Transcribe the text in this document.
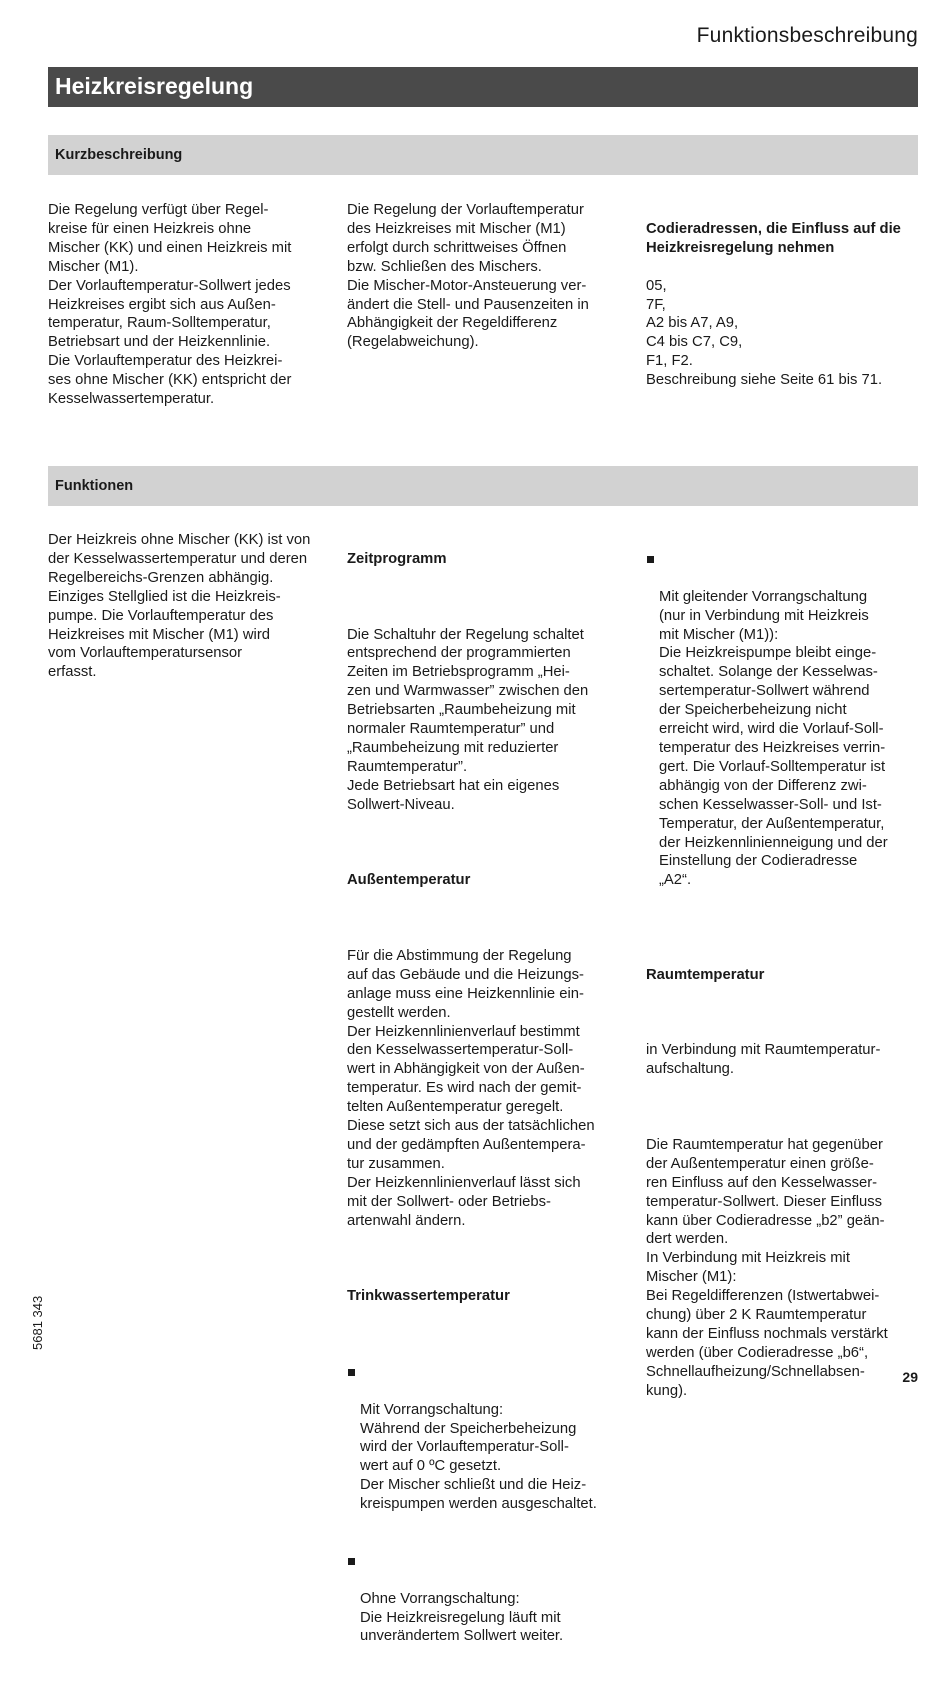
Funktionsbeschreibung
Heizkreisregelung
Kurzbeschreibung
Die Regelung verfügt über Regel-
kreise für einen Heizkreis ohne
Mischer (KK) und einen Heizkreis mit
Mischer (M1).
Der Vorlauftemperatur-Sollwert jedes
Heizkreises ergibt sich aus Außen-
temperatur, Raum-Solltemperatur,
Betriebsart und der Heizkennlinie.
Die Vorlauftemperatur des Heizkrei-
ses ohne Mischer (KK) entspricht der
Kesselwassertemperatur.
Die Regelung der Vorlauftemperatur
des Heizkreises mit Mischer (M1)
erfolgt durch schrittweises Öffnen
bzw. Schließen des Mischers.
Die Mischer-Motor-Ansteuerung ver-
ändert die Stell- und Pausenzeiten in
Abhängigkeit der Regeldifferenz
(Regelabweichung).

Codieradressen, die Einfluss auf die
Heizkreisregelung nehmen

05,
7F,
A2 bis A7, A9,
C4 bis C7, C9,
F1, F2.
Beschreibung siehe Seite 61 bis 71.

Funktionen
Der Heizkreis ohne Mischer (KK) ist von
der Kesselwassertemperatur und deren
Regelbereichs-Grenzen abhängig.
Einziges Stellglied ist die Heizkreis-
pumpe. Die Vorlauftemperatur des
Heizkreises mit Mischer (M1) wird
vom Vorlauftemperatursensor
erfasst.

Zeitprogramm

Die Schaltuhr der Regelung schaltet
entsprechend der programmierten
Zeiten im Betriebsprogramm „Hei-
zen und Warmwasser” zwischen den
Betriebsarten „Raumbeheizung mit
normaler Raumtemperatur” und
„Raumbeheizung mit reduzierter
Raumtemperatur”.
Jede Betriebsart hat ein eigenes
Sollwert-Niveau.

Außentemperatur

Für die Abstimmung der Regelung
auf das Gebäude und die Heizungs-
anlage muss eine Heizkennlinie ein-
gestellt werden.
Der Heizkennlinienverlauf bestimmt
den Kesselwassertemperatur-Soll-
wert in Abhängigkeit von der Außen-
temperatur. Es wird nach der gemit-
telten Außentemperatur geregelt.
Diese setzt sich aus der tatsächlichen
und der gedämpften Außentempera-
tur zusammen.
Der Heizkennlinienverlauf lässt sich
mit der Sollwert- oder Betriebs-
artenwahl ändern.

Trinkwassertemperatur

Mit Vorrangschaltung:
Während der Speicherbeheizung
wird der Vorlauftemperatur-Soll-
wert auf 0 ºC gesetzt.
Der Mischer schließt und die Heiz-
kreispumpen werden ausgeschaltet.

Ohne Vorrangschaltung:
Die Heizkreisregelung läuft mit
unverändertem Sollwert weiter.

Mit gleitender Vorrangschaltung
(nur in Verbindung mit Heizkreis
mit Mischer (M1)):
Die Heizkreispumpe bleibt einge-
schaltet. Solange der Kesselwas-
sertemperatur-Sollwert während
der Speicherbeheizung nicht
erreicht wird, wird die Vorlauf-Soll-
temperatur des Heizkreises verrin-
gert. Die Vorlauf-Solltemperatur ist
abhängig von der Differenz zwi-
schen Kesselwasser-Soll- und Ist-
Temperatur, der Außentemperatur,
der Heizkennlinienneigung und der
Einstellung der Codieradresse
„A2“.

Raumtemperatur

in Verbindung mit Raumtemperatur-
aufschaltung.

Die Raumtemperatur hat gegenüber
der Außentemperatur einen größe-
ren Einfluss auf den Kesselwasser-
temperatur-Sollwert. Dieser Einfluss
kann über Codieradresse „b2” geän-
dert werden.
In Verbindung mit Heizkreis mit
Mischer (M1):
Bei Regeldifferenzen (Istwertabwei-
chung) über 2 K Raumtemperatur
kann der Einfluss nochmals verstärkt
werden (über Codieradresse „b6“,
Schnellaufheizung/Schnellabsen-
kung).

5681 343
29
